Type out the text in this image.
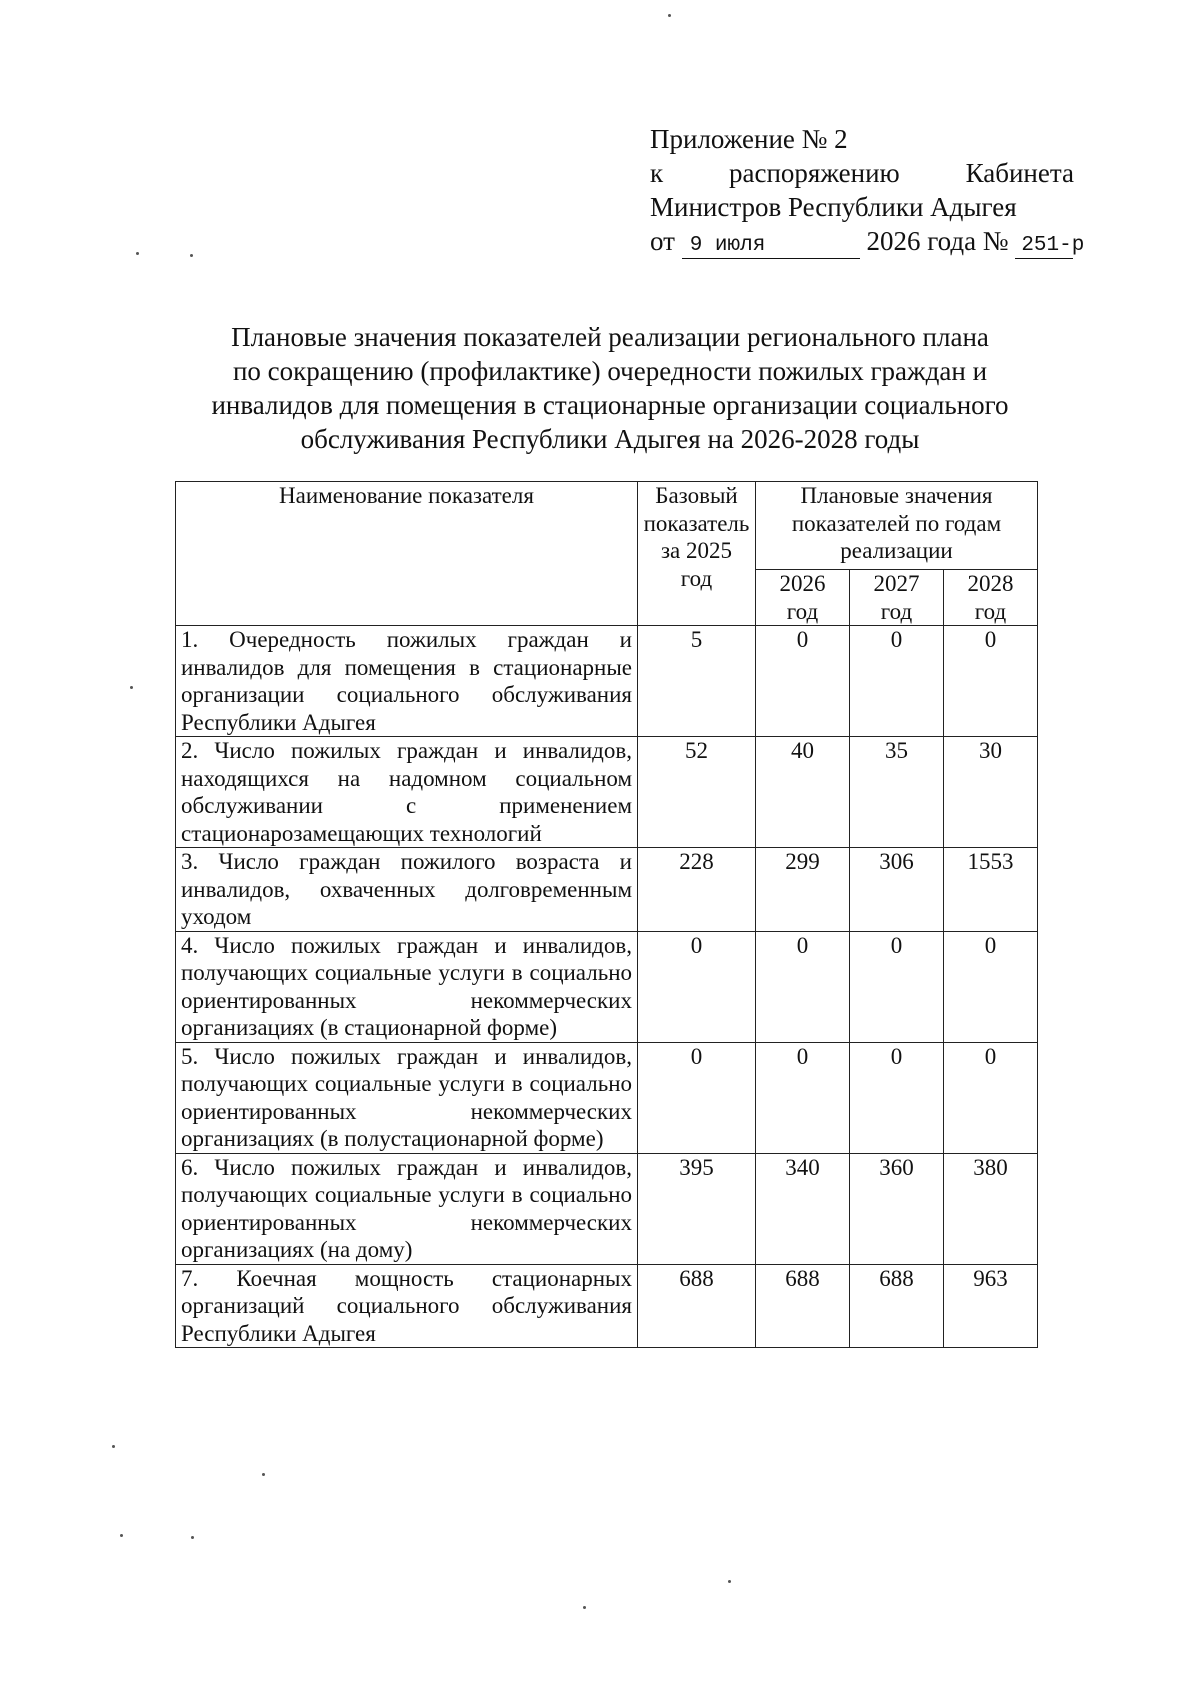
Приложение № 2
к распоряжению Кабинета
Министров Республики Адыгея
от 9 июля	2026 года № 251-р
Плановые значения показателей реализации регионального плана
по сокращению (профилактике) очередности пожилых граждан и
инвалидов для помещения в стационарные организации социального
обслуживания Республики Адыгея на 2026-2028 годы
Наименование показателя	Базовый показатель за 2025 год	Плановые значения показателей по годам реализации		
		2026 год	2027 год	2028 год
1. Очередность пожилых граждан и инвалидов для помещения в стационарные организации социального обслуживания Республики Адыгея	5	0	0	0
2. Число пожилых граждан и инвалидов, находящихся на надомном социальном обслуживании с применением стационарозамещающих технологий	52	40	35	30
3. Число граждан пожилого возраста и инвалидов, охваченных долговременным уходом	228	299	306	1553
4. Число пожилых граждан и инвалидов, получающих социальные услуги в социально ориентированных некоммерческих организациях (в стационарной форме)	0	0	0	0
5. Число пожилых граждан и инвалидов, получающих социальные услуги в социально ориентированных некоммерческих организациях (в полустационарной форме)	0	0	0	0
6. Число пожилых граждан и инвалидов, получающих социальные услуги в социально ориентированных некоммерческих организациях (на дому)	395	340	360	380
7. Коечная мощность стационарных организаций социального обслуживания Республики Адыгея	688	688	688	963
